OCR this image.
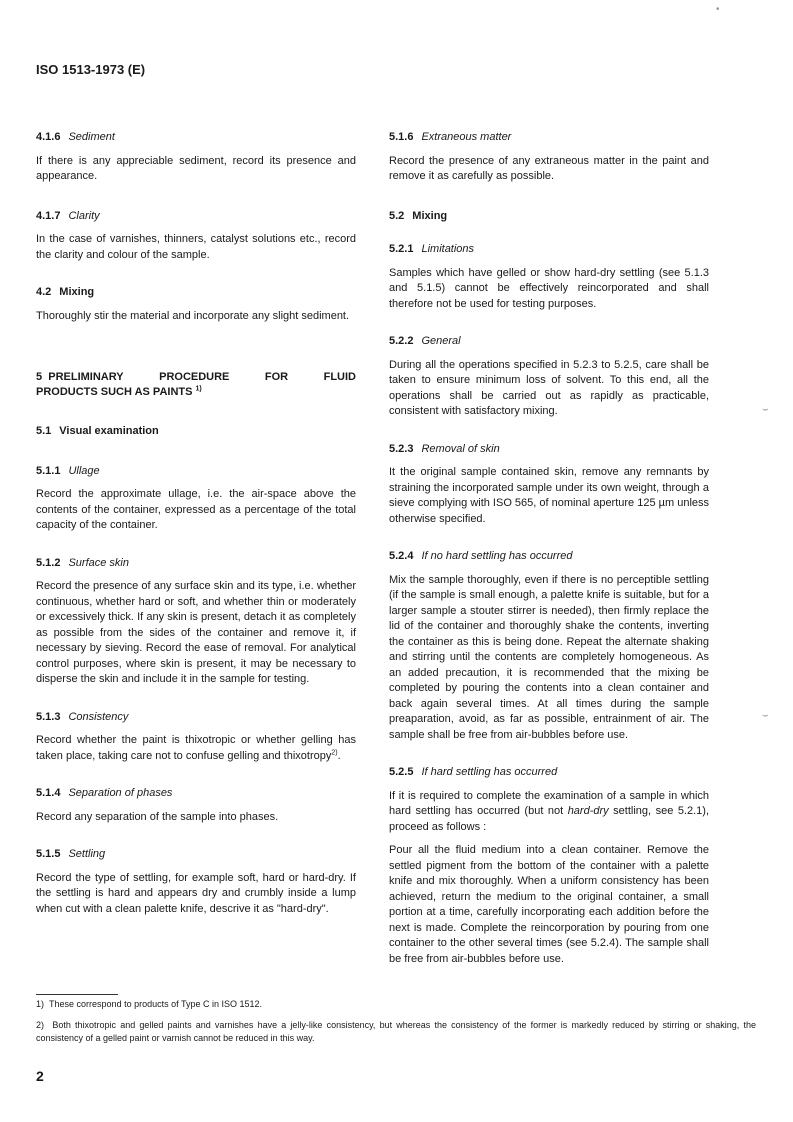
ISO 1513-1973 (E)
4.1.6 Sediment

If there is any appreciable sediment, record its presence and appearance.

4.1.7 Clarity

In the case of varnishes, thinners, catalyst solutions etc., record the clarity and colour of the sample.

4.2 Mixing

Thoroughly stir the material and incorporate any slight sediment.

5 PRELIMINARY	PROCEDURE	FOR	FLUID
PRODUCTS SUCH AS PAINTS $^{1)}$
5.1 Visual examination
5.1.1 Ullage

Record the approximate ullage, i.e. the air-space above the contents of the container, expressed as a percentage of the total capacity of the container.

5.1.2 Surface skin

Record the presence of any surface skin and its type, i.e. whether continuous, whether hard or soft, and whether thin or moderately or excessively thick. If any skin is present, detach it as completely as possible from the sides of the container and remove it, if necessary by sieving. Record the ease of removal. For analytical control purposes, where skin is present, it may be necessary to disperse the skin and include it in the sample for testing.

5.1.3 Consistency

Record whether the paint is thixotropic or whether gelling has taken place, taking care not to confuse gelling and thixotropy$^{2)}$.

5.1.4 Separation of phases

Record any separation of the sample into phases.

5.1.5 Settling

Record the type of settling, for example soft, hard or hard-dry. If the settling is hard and appears dry and crumbly inside a lump when cut with a clean palette knife, descrive it as "hard-dry".

5.1.6 Extraneous matter

Record the presence of any extraneous matter in the paint and remove it as carefully as possible.

5.2 Mixing
5.2.1 Limitations

Samples which have gelled or show hard-dry settling (see 5.1.3 and 5.1.5) cannot be effectively reincorporated and shall therefore not be used for testing purposes.

5.2.2 General

During all the operations specified in 5.2.3 to 5.2.5, care shall be taken to ensure minimum loss of solvent. To this end, all the operations shall be carried out as rapidly as practicable, consistent with satisfactory mixing.

5.2.3 Removal of skin

It the original sample contained skin, remove any remnants by straining the incorporated sample under its own weight, through a sieve complying with ISO 565, of nominal aperture 125 µm unless otherwise specified.

5.2.4 If no hard settling has occurred

Mix the sample thoroughly, even if there is no perceptible settling (if the sample is small enough, a palette knife is suitable, but for a larger sample a stouter stirrer is needed), then firmly replace the lid of the container and thoroughly shake the contents, inverting the container as this is being done. Repeat the alternate shaking and stirring until the contents are completely homogeneous. As an added precaution, it is recommended that the mixing be completed by pouring the contents into a clean container and back again several times. At all times during the sample preaparation, avoid, as far as possible, entrainment of air. The sample shall be free from air-bubbles before use.

5.2.5 If hard settling has occurred

If it is required to complete the examination of a sample in which hard settling has occurred (but not hard-dry settling, see 5.2.1), proceed as follows :

Pour all the fluid medium into a clean container. Remove the settled pigment from the bottom of the container with a palette knife and mix thoroughly. When a uniform consistency has been achieved, return the medium to the original container, a small portion at a time, carefully incorporating each addition before the next is made. Complete the reincorporation by pouring from one container to the other several times (see 5.2.4). The sample shall be free from air-bubbles before use.

•
⌣
⌣
1) These correspond to products of Type C in ISO 1512.
2) Both thixotropic and gelled paints and varnishes have a jelly-like consistency, but whereas the consistency of the former is markedly reduced by stirring or shaking, the consistency of a gelled paint or varnish cannot be reduced in this way.
2
